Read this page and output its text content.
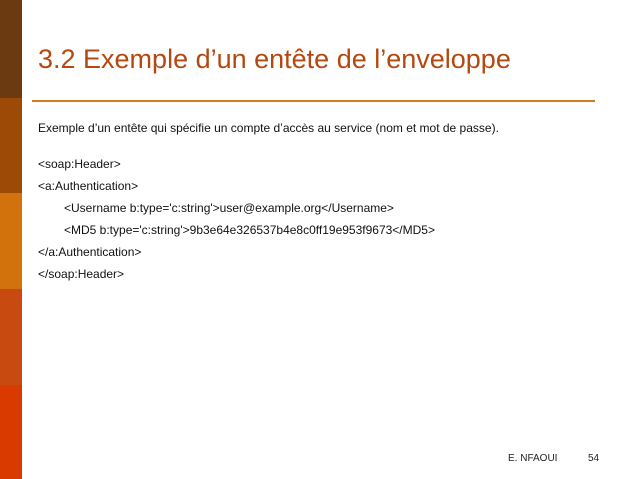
3.2 Exemple d’un entête de l’enveloppe
Exemple d’un entête qui spécifie un compte d’accès au service (nom et mot de passe).
<soap:Header>
<a:Authentication>
<Username b:type='c:string'>user@example.org</Username>
<MD5 b:type='c:string'>9b3e64e326537b4e8c0ff19e953f9673</MD5>
</a:Authentication>
</soap:Header>
E. NFAOUI	54
